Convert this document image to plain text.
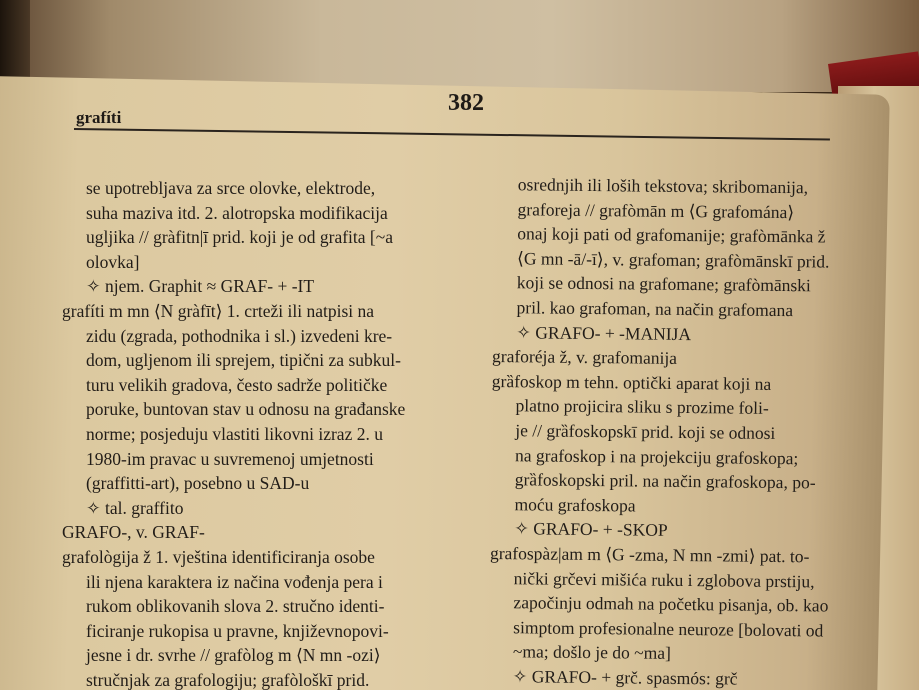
382
grafíti
se upotrebljava za srce olovke, elektrode,
suha maziva itd. 2. alotropska modifikacija
ugljika // gràfitn|ī prid. koji je od grafita [~a
olovka]
✧ njem. Graphit ≈ GRAF- + -IT
grafíti m mn ⟨N gràfīt⟩ 1. crteži ili natpisi na
zidu (zgrada, pothodnika i sl.) izvedeni kre-
dom, ugljenom ili sprejem, tipični za subkul-
turu velikih gradova, često sadrže političke
poruke, buntovan stav u odnosu na građanske
norme; posjeduju vlastiti likovni izraz 2. u
1980-im pravac u suvremenoj umjetnosti
(graffitti-art), posebno u SAD-u
✧ tal. graffito
GRAFO-, v. GRAF-
grafològija ž 1. vještina identificiranja osobe
ili njena karaktera iz načina vođenja pera i
rukom oblikovanih slova 2. stručno identi-
ficiranje rukopisa u pravne, književnopovi-
jesne i dr. svrhe // grafòlog m ⟨N mn -ozi⟩
stručnjak za grafologiju; grafòloškī prid.
osrednjih ili loših tekstova; skribomanija,
graforeja // grafòmān m ⟨G grafomána⟩
onaj koji pati od grafomanije; grafòmānka ž
⟨G mn -ā/-ī⟩, v. grafoman; grafòmānskī prid.
koji se odnosi na grafomane; grafòmānski
pril. kao grafoman, na način grafomana
✧ GRAFO- + -MANIJA
graforéja ž, v. grafomanija
grȁfoskop m tehn. optički aparat koji na
platno projicira sliku s prozime foli-
je // grȁfoskopskī prid. koji se odnosi
na grafoskop i na projekciju grafoskopa;
grȁfoskopski pril. na način grafoskopa, po-
moću grafoskopa
✧ GRAFO- + -SKOP
grafospàz|am m ⟨G -zma, N mn -zmi⟩ pat. to-
nički grčevi mišića ruku i zglobova prstiju,
započinju odmah na početku pisanja, ob. kao
simptom profesionalne neuroze [bolovati od
~ma; došlo je do ~ma]
✧ GRAFO- + grč. spasmós: grč
